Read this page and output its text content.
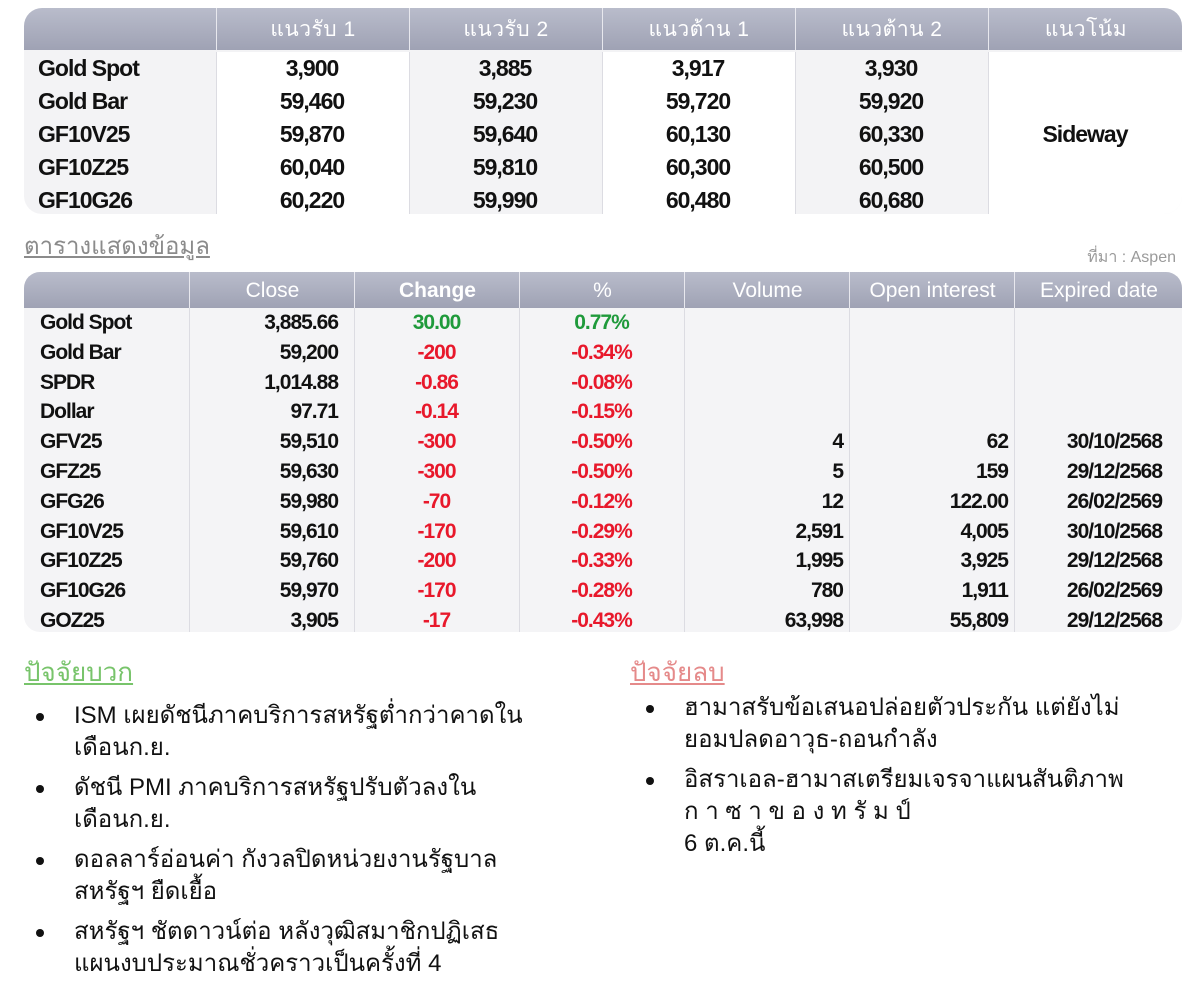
แนวรับ 1	แนวรับ 2	แนวต้าน 1	แนวต้าน 2	แนวโน้ม
Gold Spot	3,900	3,885	3,917	3,930
Gold Bar	59,460	59,230	59,720	59,920
GF10V25	59,870	59,640	60,130	60,330	Sideway
GF10Z25	60,040	59,810	60,300	60,500
GF10G26	60,220	59,990	60,480	60,680
ตารางแสดงข้อมูล	ที่มา : Aspen
Close	Change	%	Volume	Open interest	Expired date
Gold Spot	3,885.66	30.00	0.77%
Gold Bar	59,200	-200	-0.34%
SPDR	1,014.88	-0.86	-0.08%
Dollar	97.71	-0.14	-0.15%
GFV25	59,510	-300	-0.50%	4	62	30/10/2568
GFZ25	59,630	-300	-0.50%	5	159	29/12/2568
GFG26	59,980	-70	-0.12%	12	122.00	26/02/2569
GF10V25	59,610	-170	-0.29%	2,591	4,005	30/10/2568
GF10Z25	59,760	-200	-0.33%	1,995	3,925	29/12/2568
GF10G26	59,970	-170	-0.28%	780	1,911	26/02/2569
GOZ25	3,905	-17	-0.43%	63,998	55,809	29/12/2568
ปัจจัยบวก
ISM เผยดัชนีภาคบริการสหรัฐต่ำกว่าคาดใน
เดือนก.ย.
ดัชนี PMI ภาคบริการสหรัฐปรับตัวลงใน
เดือนก.ย.
ดอลลาร์อ่อนค่า กังวลปิดหน่วยงานรัฐบาล
สหรัฐฯ ยืดเยื้อ
สหรัฐฯ ชัตดาวน์ต่อ หลังวุฒิสมาชิกปฏิเสธ
แผนงบประมาณชั่วคราวเป็นครั้งที่ 4
ปัจจัยลบ
ฮามาสรับข้อเสนอปล่อยตัวประกัน แต่ยังไม่
ยอมปลดอาวุธ-ถอนกำลัง
อิสราเอล-ฮามาสเตรียมเจรจาแผนสันติภาพ
ก า ซ า ข อ ง ท รั ม ป์
6 ต.ค.นี้
